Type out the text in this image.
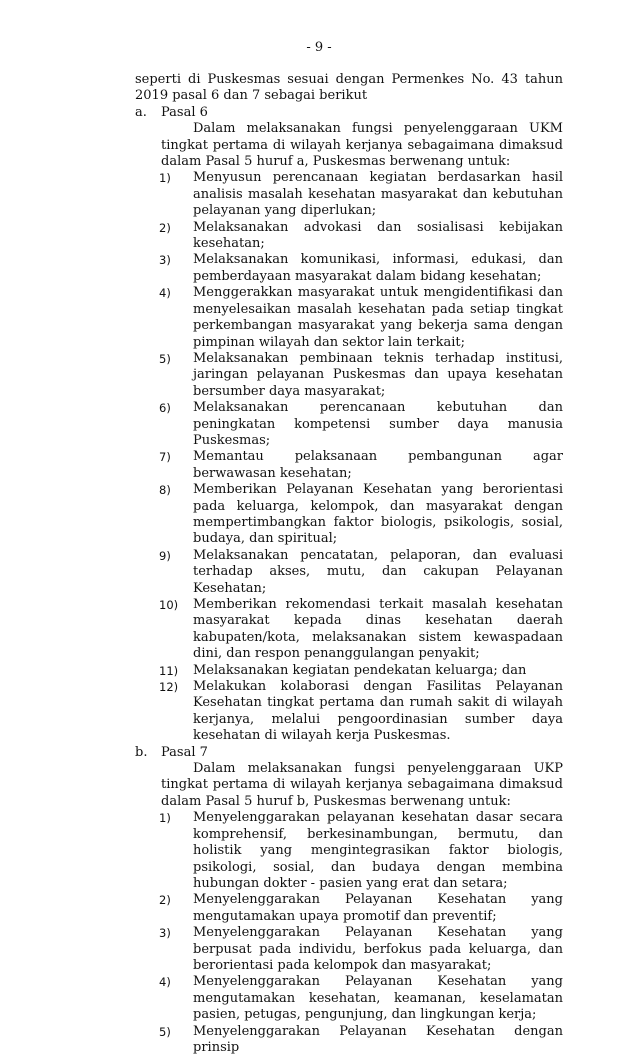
- 9 -
seperti di Puskesmas sesuai dengan Permenkes No. 43 tahun 2019 pasal 6 dan 7 sebagai berikut
a. Pasal 6
Dalam melaksanakan fungsi penyelenggaraan UKM tingkat pertama di wilayah kerjanya sebagaimana dimaksud dalam Pasal 5 huruf a, Puskesmas berwenang untuk:
1) Menyusun perencanaan kegiatan berdasarkan hasil analisis masalah kesehatan masyarakat dan kebutuhan pelayanan yang diperlukan;
2) Melaksanakan advokasi dan sosialisasi kebijakan kesehatan;
3) Melaksanakan komunikasi, informasi, edukasi, dan pemberdayaan masyarakat dalam bidang kesehatan;
4) Menggerakkan masyarakat untuk mengidentifikasi dan menyelesaikan masalah kesehatan pada setiap tingkat perkembangan masyarakat yang bekerja sama dengan pimpinan wilayah dan sektor lain terkait;
5) Melaksanakan pembinaan teknis terhadap institusi, jaringan pelayanan Puskesmas dan upaya kesehatan bersumber daya masyarakat;
6) Melaksanakan perencanaan kebutuhan dan peningkatan kompetensi sumber daya manusia Puskesmas;
7) Memantau pelaksanaan pembangunan agar berwawasan kesehatan;
8) Memberikan Pelayanan Kesehatan yang berorientasi pada keluarga, kelompok, dan masyarakat dengan mempertimbangkan faktor biologis, psikologis, sosial, budaya, dan spiritual;
9) Melaksanakan pencatatan, pelaporan, dan evaluasi terhadap akses, mutu, dan cakupan Pelayanan Kesehatan;
10) Memberikan rekomendasi terkait masalah kesehatan masyarakat kepada dinas kesehatan daerah kabupaten/kota, melaksanakan sistem kewaspadaan dini, dan respon penanggulangan penyakit;
11) Melaksanakan kegiatan pendekatan keluarga; dan
12) Melakukan kolaborasi dengan Fasilitas Pelayanan Kesehatan tingkat pertama dan rumah sakit di wilayah kerjanya, melalui pengoordinasian sumber daya kesehatan di wilayah kerja Puskesmas.
b. Pasal 7
Dalam melaksanakan fungsi penyelenggaraan UKP tingkat pertama di wilayah kerjanya sebagaimana dimaksud dalam Pasal 5 huruf b, Puskesmas berwenang untuk:
1) Menyelenggarakan pelayanan kesehatan dasar secara komprehensif, berkesinambungan, bermutu, dan holistik yang mengintegrasikan faktor biologis, psikologi, sosial, dan budaya dengan membina hubungan dokter - pasien yang erat dan setara;
2) Menyelenggarakan Pelayanan Kesehatan yang mengutamakan upaya promotif dan preventif;
3) Menyelenggarakan Pelayanan Kesehatan yang berpusat pada individu, berfokus pada keluarga, dan berorientasi pada kelompok dan masyarakat;
4) Menyelenggarakan Pelayanan Kesehatan yang mengutamakan kesehatan, keamanan, keselamatan pasien, petugas, pengunjung, dan lingkungan kerja;
5) Menyelenggarakan Pelayanan Kesehatan dengan prinsip
